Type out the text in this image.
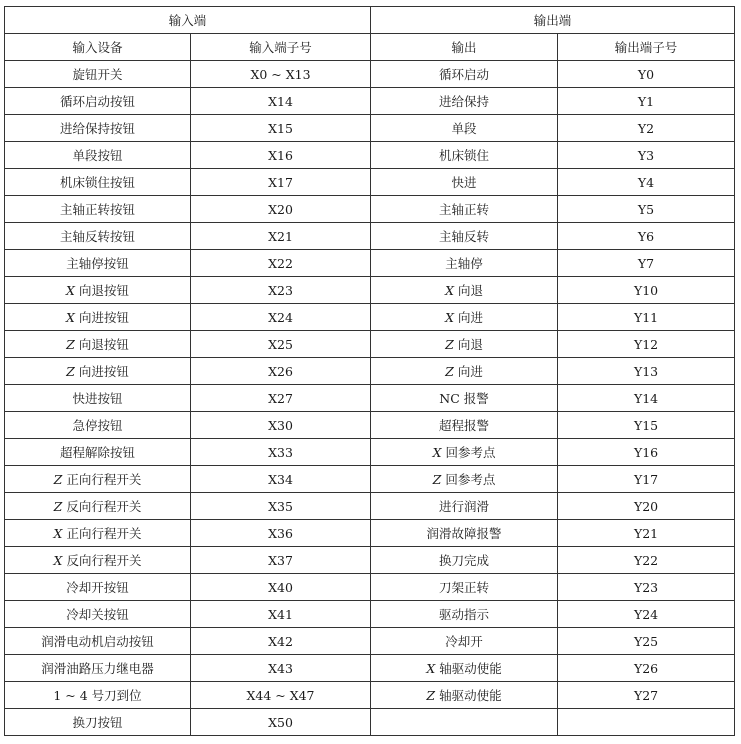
输入端		输出端	
输入设备	输入端子号	输出	输出端子号
旋钮开关	X0 ~ X13	循环启动	Y0
循环启动按钮	X14	进给保持	Y1
进给保持按钮	X15	单段	Y2
单段按钮	X16	机床锁住	Y3
机床锁住按钮	X17	快进	Y4
主轴正转按钮	X20	主轴正转	Y5
主轴反转按钮	X21	主轴反转	Y6
主轴停按钮	X22	主轴停	Y7
X 向退按钮	X23	X 向退	Y10
X 向进按钮	X24	X 向进	Y11
Z 向退按钮	X25	Z 向退	Y12
Z 向进按钮	X26	Z 向进	Y13
快进按钮	X27	NC 报警	Y14
急停按钮	X30	超程报警	Y15
超程解除按钮	X33	X 回参考点	Y16
Z 正向行程开关	X34	Z 回参考点	Y17
Z 反向行程开关	X35	进行润滑	Y20
X 正向行程开关	X36	润滑故障报警	Y21
X 反向行程开关	X37	换刀完成	Y22
冷却开按钮	X40	刀架正转	Y23
冷却关按钮	X41	驱动指示	Y24
润滑电动机启动按钮	X42	冷却开	Y25
润滑油路压力继电器	X43	X 轴驱动使能	Y26
1 ~ 4 号刀到位	X44 ~ X47	Z 轴驱动使能	Y27
换刀按钮	X50		
